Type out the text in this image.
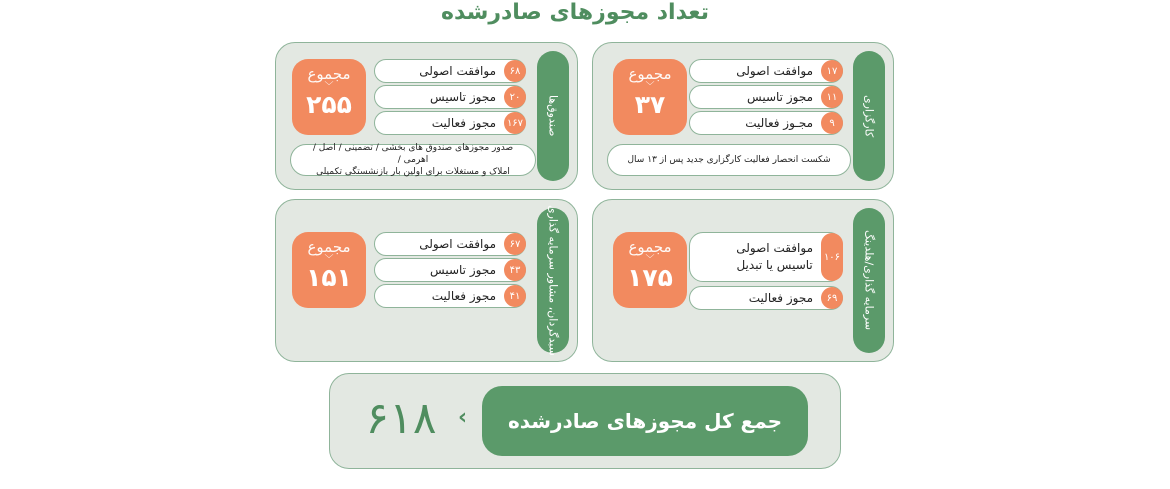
تعداد مجوزهای صادرشده
کارگزاری
۱۷
موافقت اصولی
۱۱
مجوز تاسیس
۹
مجـوز فعالیت
مجموع
﹀
۳۷
شکست انحصار فعالیت کارگزاری جدید پس از ۱۳ سال
صندوق‌ها
۶۸
موافقت اصولی
۲۰
مجوز تاسیس
۱۶۷
مجوز فعالیت
مجموع
﹀
۲۵۵
صدور مجوزهای صندوق های بخشی / تضمینی / اصل / اهرمی /
املاک و مستغلات برای اولین بار بازنشستگی تکمیلی
سرمایه گذاری/هلدینگ
۱۰۶
موافقت اصولی
تاسیس یا تبدیل
۶۹
مجوز فعالیت
مجموع
﹀
۱۷۵
سبدگردان، مشاور سرمایه گذاری
۶۷
موافقت اصولی
۴۳
مجوز تاسیس
۴۱
مجوز فعالیت
مجموع
﹀
۱۵۱
جمع کل مجوزهای صادرشده
‹
۶۱۸
